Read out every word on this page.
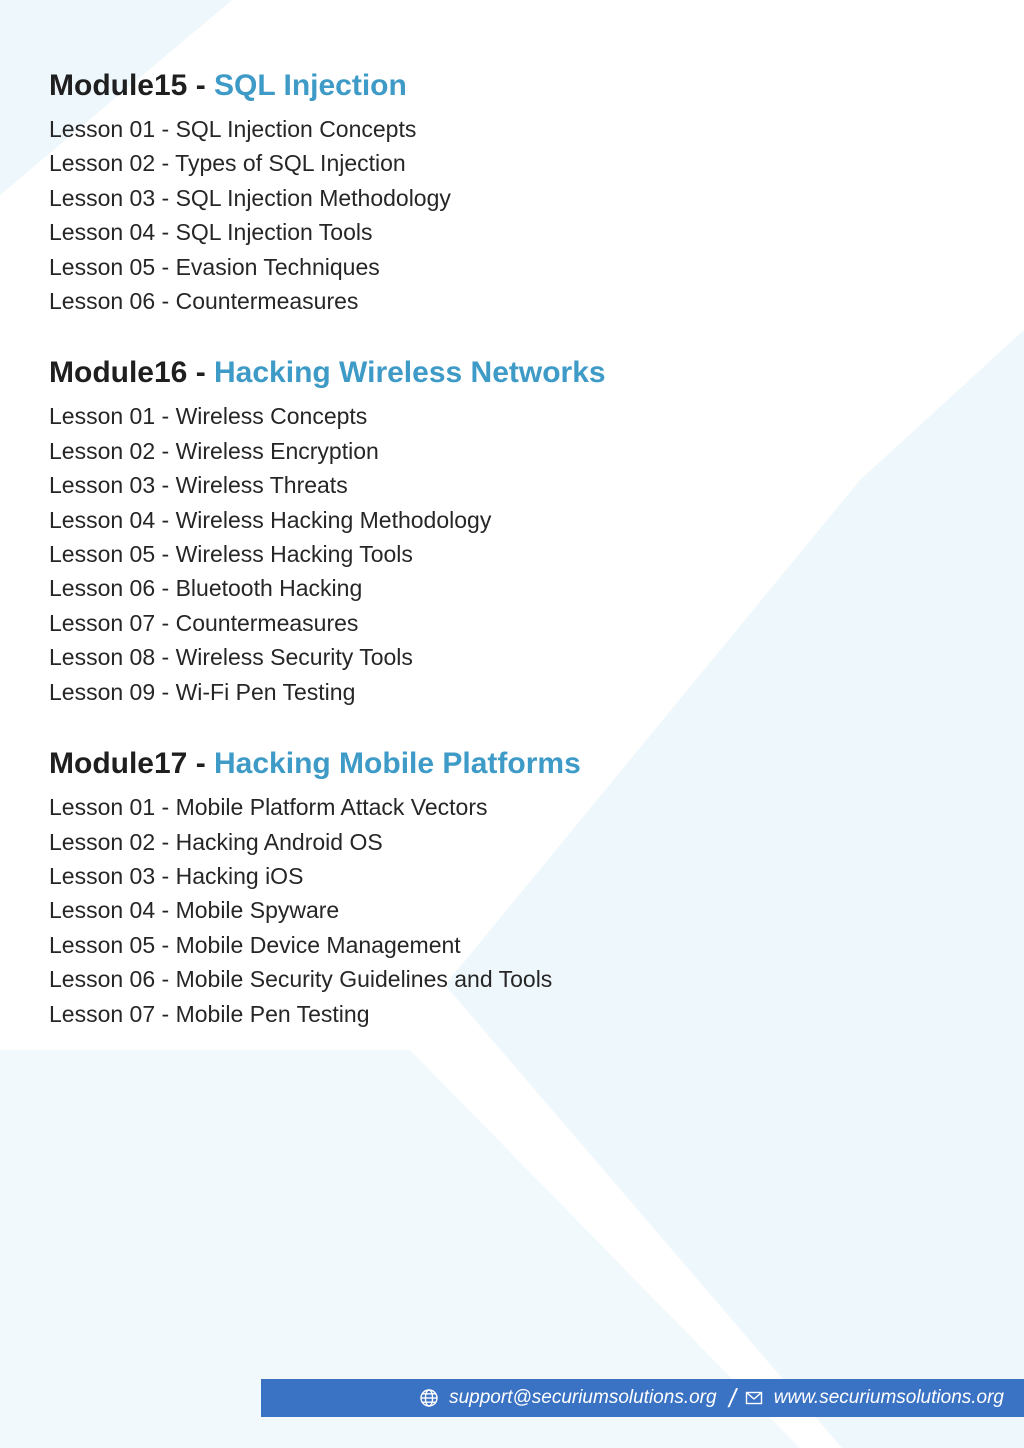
Module15 - SQL Injection
Lesson 01 - SQL Injection Concepts
Lesson 02 - Types of SQL Injection
Lesson 03 - SQL Injection Methodology
Lesson 04 - SQL Injection Tools
Lesson 05 - Evasion Techniques
Lesson 06 - Countermeasures
Module16 - Hacking Wireless Networks
Lesson 01 - Wireless Concepts
Lesson 02 - Wireless Encryption
Lesson 03 - Wireless Threats
Lesson 04 - Wireless Hacking Methodology
Lesson 05 - Wireless Hacking Tools
Lesson 06 - Bluetooth Hacking
Lesson 07 - Countermeasures
Lesson 08 - Wireless Security Tools
Lesson 09 - Wi-Fi Pen Testing
Module17 - Hacking Mobile Platforms
Lesson 01 - Mobile Platform Attack Vectors
Lesson 02 - Hacking Android OS
Lesson 03 - Hacking iOS
Lesson 04 - Mobile Spyware
Lesson 05 - Mobile Device Management
Lesson 06 - Mobile Security Guidelines and Tools
Lesson 07 - Mobile Pen Testing
support@securiumsolutions.org / www.securiumsolutions.org
